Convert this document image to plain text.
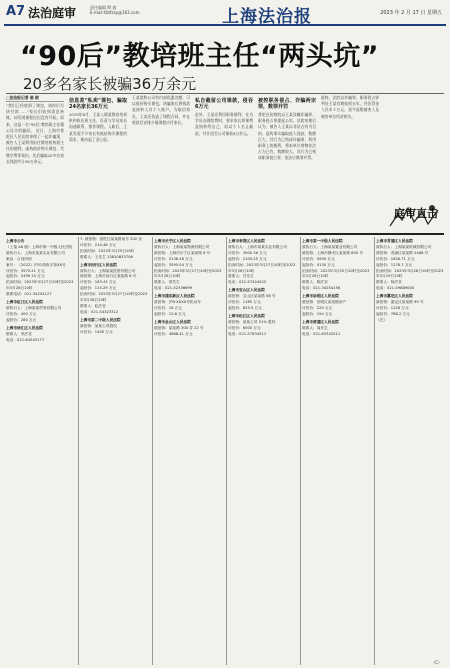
A7 法治庭审	责任编辑 缪 毅
E-mail:fzbfzsp@163.com	上海法治报	2023 年 2 月 17 日 星期五
“90后”教培班主任“两头坑”
20多名家长被骗36万余元
□法治报记者 翁 晓
"我们已经收到了课包，请你们尽快付款……"家长们收到消息转账，却发现课程迟迟没有开始。原来，这是一名"90后"教培班主任精心设计的骗局。 近日，上海市普陀区人民法院审理了一起诈骗案，被告人王某利用担任教培机构班主任的便利，虚构低价购买课包、代缴学费等事由，先后骗取20多名家长钱款共计36万余元。
信息差"私卖"课包，骗取24名家长36万元
2019年4月，王某入职某教育培训机构担任班主任，负责与学员家长沟通联系、推荐课程。入职后，王某发现不少家长有低价购买课程的需求，便动起了歪心思。
王某谎称公司有内部优惠名额，可以低价购买课包，诱骗家长将钱款直接转入其个人账户。为取信家长，王某还伪造了课程合同，并在收款后安排少量课程应付家长。
私自截留公司课款，侵吞6万元
此外，王某还利用职务便利，在为学员办理续费时，要求家长将课费直接转给自己，再以个人名义截留，共计侵吞公司课款6万余元。
被控职务侵占、诈骗两宗罪，数罪并罚
普陀区检察院以王某涉嫌诈骗罪、职务侵占罪提起公诉。法院审理后认为，被告人王某以非法占有为目的，虚构事实骗取他人钱款，数额巨大，其行为已构成诈骗罪；利用职务上的便利，将本单位财物非法占为己有，数额较大，其行为已构成职务侵占罪，依法应数罪并罚。
最终，法院以诈骗罪、职务侵占罪判处王某有期徒刑五年，并处罚金人民币十万元，责令退赔被害人及被害单位经济损失。
庭审直击
上海市公告
（上接 A6 版）上海市第一中级人民法院
被执行人：上海市某某实业有限公司
案由：合同纠纷
案号：（2022）沪01执恢字第XX号
评估价：3570.21 万元
起拍价：2499.15 万元
拍卖时间：2023年3月27日10时至2023年3月28日10时
联系电话：021-34254127
上海市虹口区人民法院
被执行人：上海某某贸易有限公司
评估价：400 万元
起拍价：280 万元
上海市徐汇区人民法院
联系人：李法官
电话：021-64545177
7. 被拍物：普陀区某某路某号 202 室
评估价：214.48 万元
拍卖时间：2023年3月25日10时
联系人：王先生 13810833706
上海市闵行区人民法院
被执行人：上海某某投资有限公司
被拍物：上海市闵行区某某路 8 号
评估价：163.43 万元
起拍价：115.29 万元
拍卖时间：2023年3月27日10时至2023年3月28日10时
联系人：赵法官
电话：021-54323312
上海市第二中级人民法院
被拍物：某某公司股权
评估价：1450 万元
上海市长宁区人民法院
被执行人：上海某某物流有限公司
被拍物：上海市长宁区某某路 8 号
评估价：5136.48 万元
起拍价：3595.54 万元
拍卖时间：2023年3月27日10时至2023年3月28日10时
联系人：蔡先生
电话：021-52336699
上海市浦东新区人民法院
被拍物：沪B·XXXX号机动车
评估价：18 万元
起拍价：12.6 万元
上海市金山区人民法院
被拍物：某某路 300 弄 22 号
评估价：4888.41 万元
上海市奉贤区人民法院
被执行人：上海市某某实业有限公司
评估价：3000.36 万元
起拍价：2100.25 万元
拍卖时间：2023年3月27日10时至2023年3月28日10时
联系人：吕先生
电话：021-57424422
上海市宝山区人民法院
被拍物：宝山区某某路 58 号
评估价：1185 万元
起拍价：829.5 万元
上海市松江区人民法院
被拍物：某某公司 51% 股权
评估价：6000 万元
电话：021-57834511
上海市第一中级人民法院
被执行人：上海某某置业有限公司
被拍物：上海市静安区某某路 800 号
评估价：5900 万元
起拍价：4130 万元
拍卖时间：2023年3月25日10时至2023年3月26日10时
联系人：陈法官
电话：021-34254156
上海市崇明区人民法院
被拍物：崇明区某某镇房产
评估价：220 万元
起拍价：154 万元
上海市黄浦区人民法院
联系人：周先生
电话：021-63342511
上海市青浦区人民法院
被执行人：上海某某机械有限公司
被拍物：青浦区某某路 2468 号
评估价：1826.71 万元
起拍价：1278.7 万元
拍卖时间：2023年3月28日10时至2023年3月29日10时
联系人：杨法官
电话：021-59889000
上海市嘉定区人民法院
被拍物：嘉定区某某路 99 号
评估价：1126 万元
起拍价：788.2 万元
（完）
（C）
